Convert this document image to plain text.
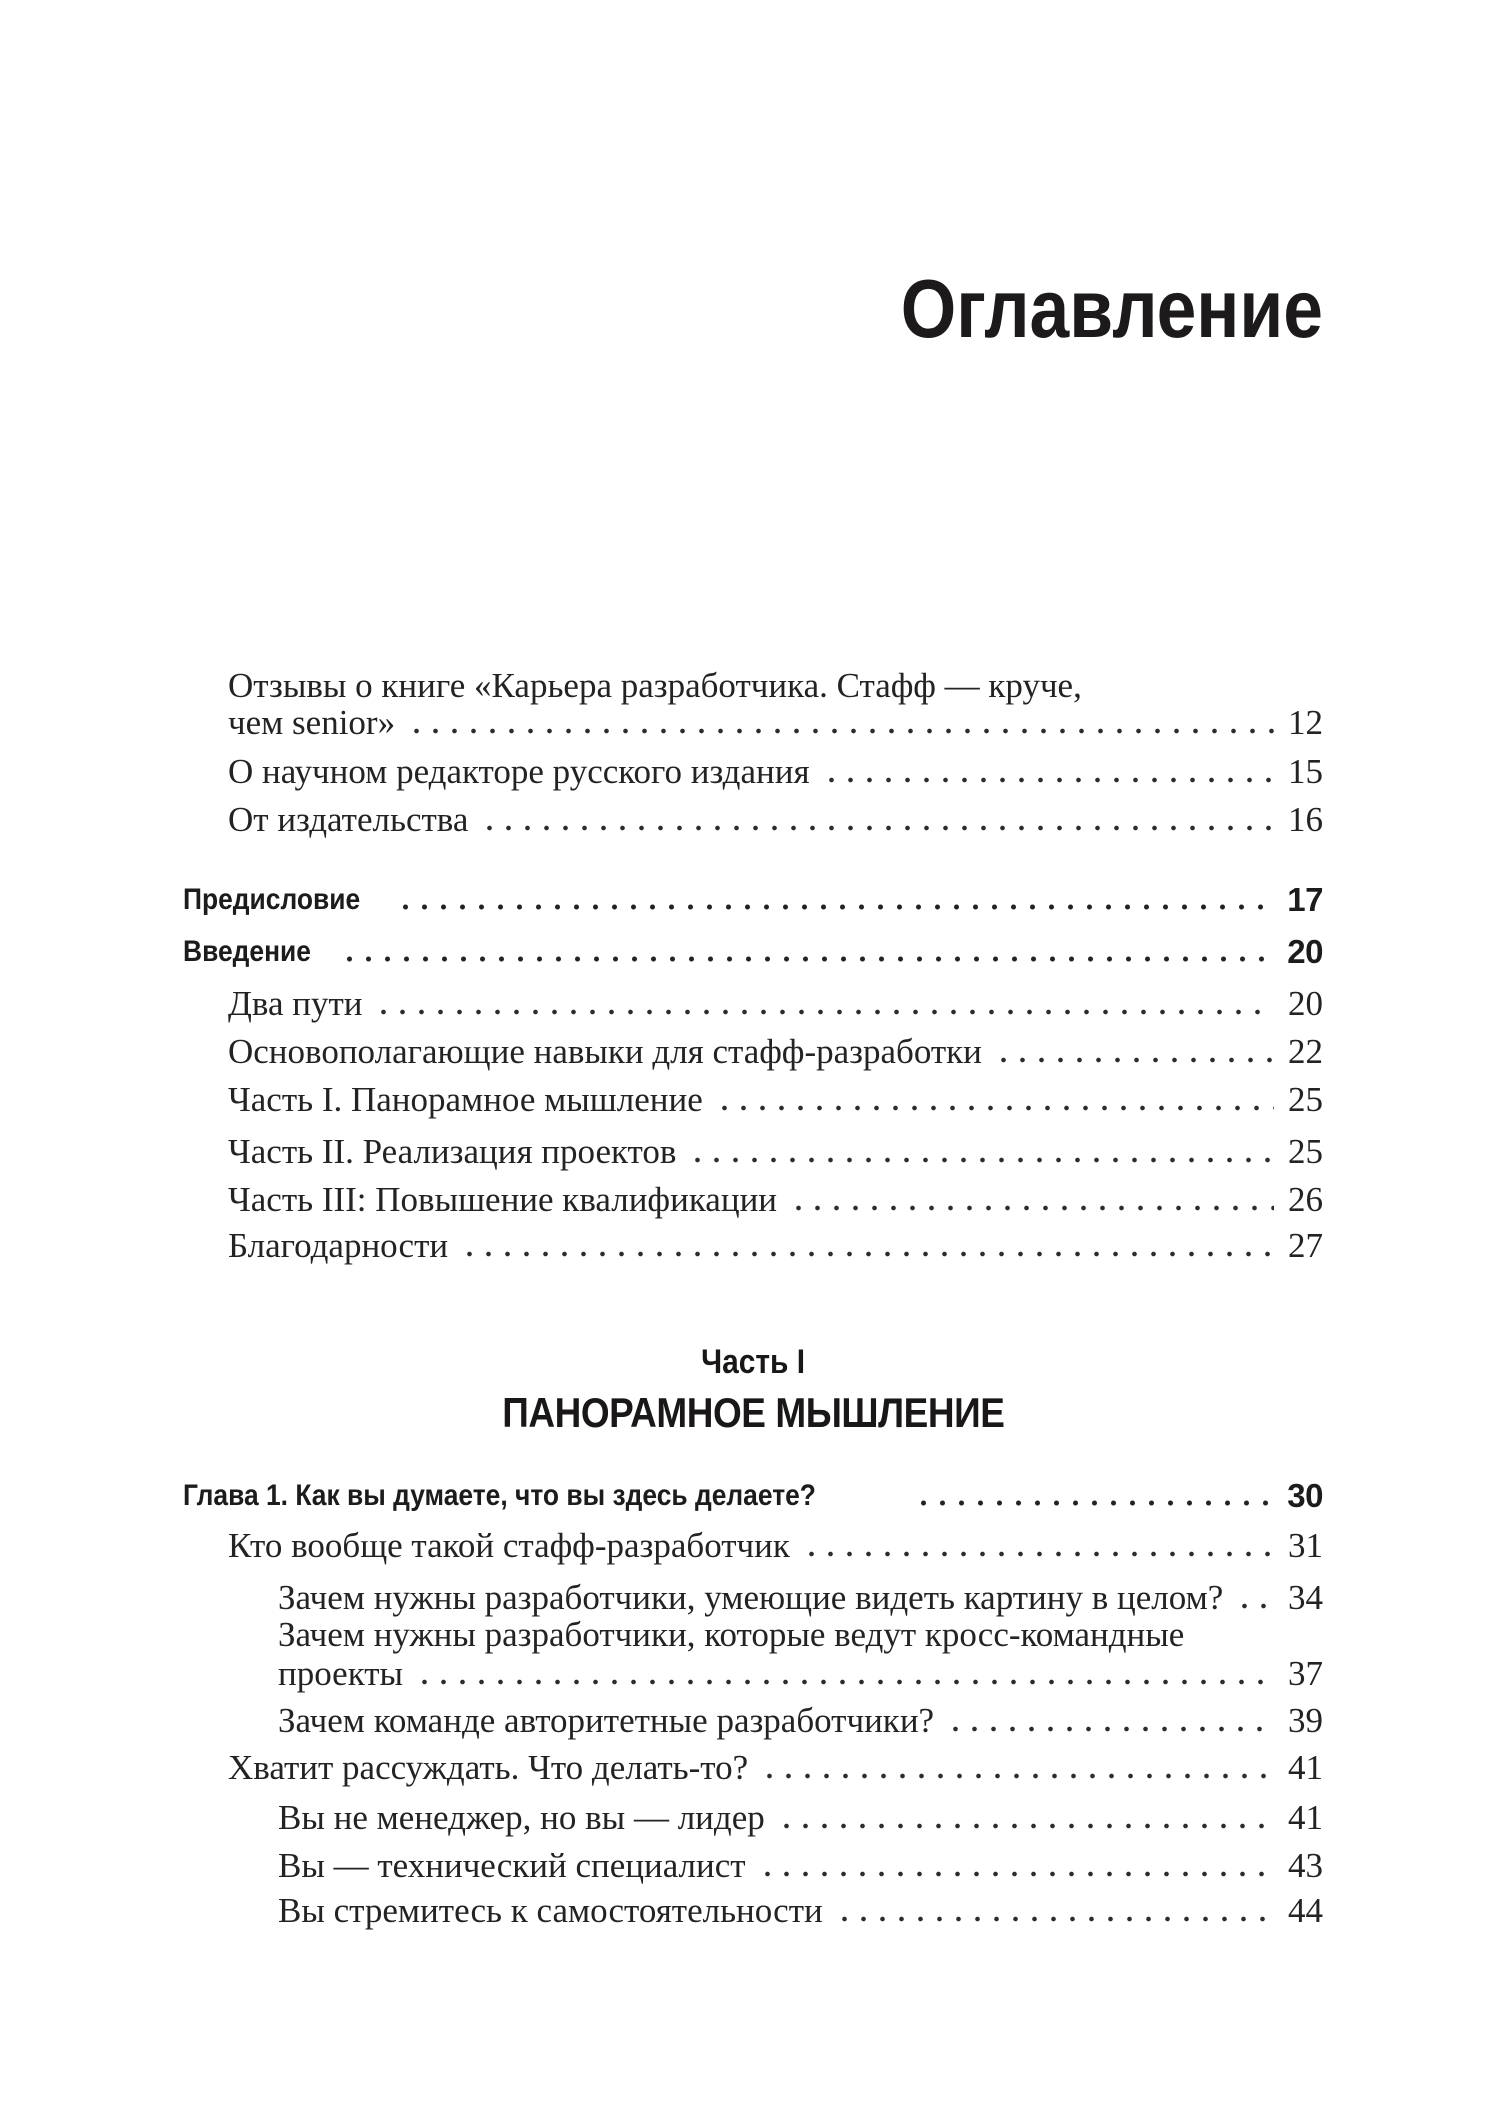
Оглавление
Отзывы о книге «Карьера разработчика. Стафф — круче,
чем senior»	12
О научном редакторе русского издания	15
От издательства	16
Предисловие	17
Введение	20
Два пути	20
Основополагающие навыки для стафф-разработки	22
Часть I. Панорамное мышление	25
Часть II. Реализация проектов	25
Часть III: Повышение квалификации	26
Благодарности	27
Часть I
ПАНОРАМНОЕ МЫШЛЕНИЕ
Глава 1. Как вы думаете, что вы здесь делаете?	30
Кто вообще такой стафф-разработчик	31
Зачем нужны разработчики, умеющие видеть картину в целом? 34
Зачем нужны разработчики, которые ведут кросс-командные
проекты	37
Зачем команде авторитетные разработчики?	39
Хватит рассуждать. Что делать-то?	41
Вы не менеджер, но вы — лидер	41
Вы — технический специалист	43
Вы стремитесь к самостоятельности	44
